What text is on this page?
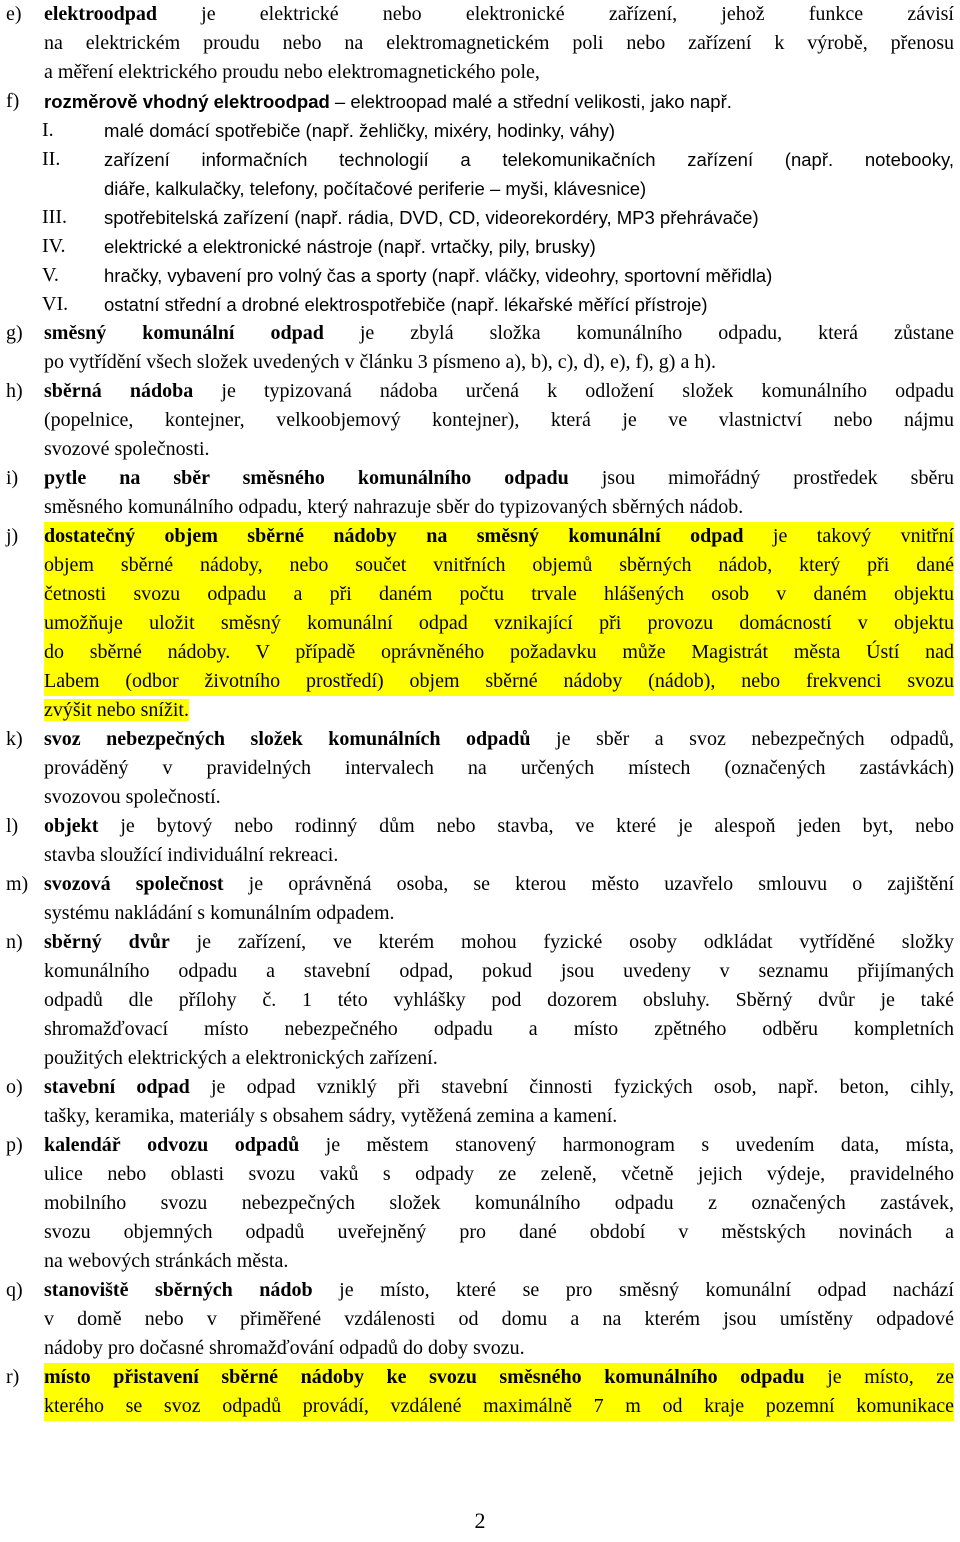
e) elektroodpad je elektrické nebo elektronické zařízení, jehož funkce závisí
na elektrickém proudu nebo na elektromagnetickém poli nebo zařízení k výrobě, přenosu
a měření elektrického proudu nebo elektromagnetického pole,
f) rozměrově vhodný elektroodpad – elektroopad malé a střední velikosti, jako např.
I.	malé domácí spotřebiče (např. žehličky, mixéry, hodinky, váhy)
II. zařízení informačních technologií a telekomunikačních zařízení (např. notebooky,
diáře, kalkulačky, telefony, počítačové periferie – myši, klávesnice)
III. spotřebitelská zařízení (např. rádia, DVD, CD, videorekordéry, MP3 přehrávače)
IV. elektrické a elektronické nástroje (např. vrtačky, pily, brusky)
V. hračky, vybavení pro volný čas a sporty (např. vláčky, videohry, sportovní měřidla)
VI. ostatní střední a drobné elektrospotřebiče (např. lékařské měřící přístroje)
g) směsný komunální odpad je zbylá složka komunálního odpadu, která zůstane
po vytřídění všech složek uvedených v článku 3 písmeno a), b), c), d), e), f), g) a h).
h) sběrná nádoba je typizovaná nádoba určená k odložení složek komunálního odpadu
(popelnice, kontejner, velkoobjemový kontejner), která je ve vlastnictví nebo nájmu
svozové společnosti.
i) pytle na sběr směsného komunálního odpadu jsou mimořádný prostředek sběru
směsného komunálního odpadu, který nahrazuje sběr do typizovaných sběrných nádob.
j) dostatečný objem sběrné nádoby na směsný komunální odpad je takový vnitřní
objem sběrné nádoby, nebo součet vnitřních objemů sběrných nádob, který při dané
četnosti svozu odpadu a při daném počtu trvale hlášených osob v daném objektu
umožňuje uložit směsný komunální odpad vznikající při provozu domácností v objektu
do sběrné nádoby. V případě oprávněného požadavku může Magistrát města Ústí nad
Labem (odbor životního prostředí) objem sběrné nádoby (nádob), nebo frekvenci svozu
zvýšit nebo snížit.
k) svoz nebezpečných složek komunálních odpadů je sběr a svoz nebezpečných odpadů,
prováděný v pravidelných intervalech na určených místech (označených zastávkách)
svozovou společností.
l) objekt je bytový nebo rodinný dům nebo stavba, ve které je alespoň jeden byt, nebo
stavba sloužící individuální rekreaci.
m) svozová společnost je oprávněná osoba, se kterou město uzavřelo smlouvu o zajištění
systému nakládání s komunálním odpadem.
n) sběrný dvůr je zařízení, ve kterém mohou fyzické osoby odkládat vytříděné složky
komunálního odpadu a stavební odpad, pokud jsou uvedeny v seznamu přijímaných
odpadů dle přílohy č. 1 této vyhlášky pod dozorem obsluhy. Sběrný dvůr je také
shromažďovací místo nebezpečného odpadu a místo zpětného odběru kompletních
použitých elektrických a elektronických zařízení.
o) stavební odpad je odpad vzniklý při stavební činnosti fyzických osob, např. beton, cihly,
tašky, keramika, materiály s obsahem sádry, vytěžená zemina a kamení.
p) kalendář odvozu odpadů je městem stanovený harmonogram s uvedením data, místa,
ulice nebo oblasti svozu vaků s odpady ze zeleně, včetně jejich výdeje, pravidelného
mobilního svozu nebezpečných složek komunálního odpadu z označených zastávek,
svozu objemných odpadů uveřejněný pro dané období v městských novinách a
na webových stránkách města.
q) stanoviště sběrných nádob je místo, které se pro směsný komunální odpad nachází
v domě nebo v přiměřené vzdálenosti od domu a na kterém jsou umístěny odpadové
nádoby pro dočasné shromažďování odpadů do doby svozu.
r) místo přistavení sběrné nádoby ke svozu směsného komunálního odpadu je místo, ze
kterého se svoz odpadů provádí, vzdálené maximálně 7 m od kraje pozemní komunikace
2
